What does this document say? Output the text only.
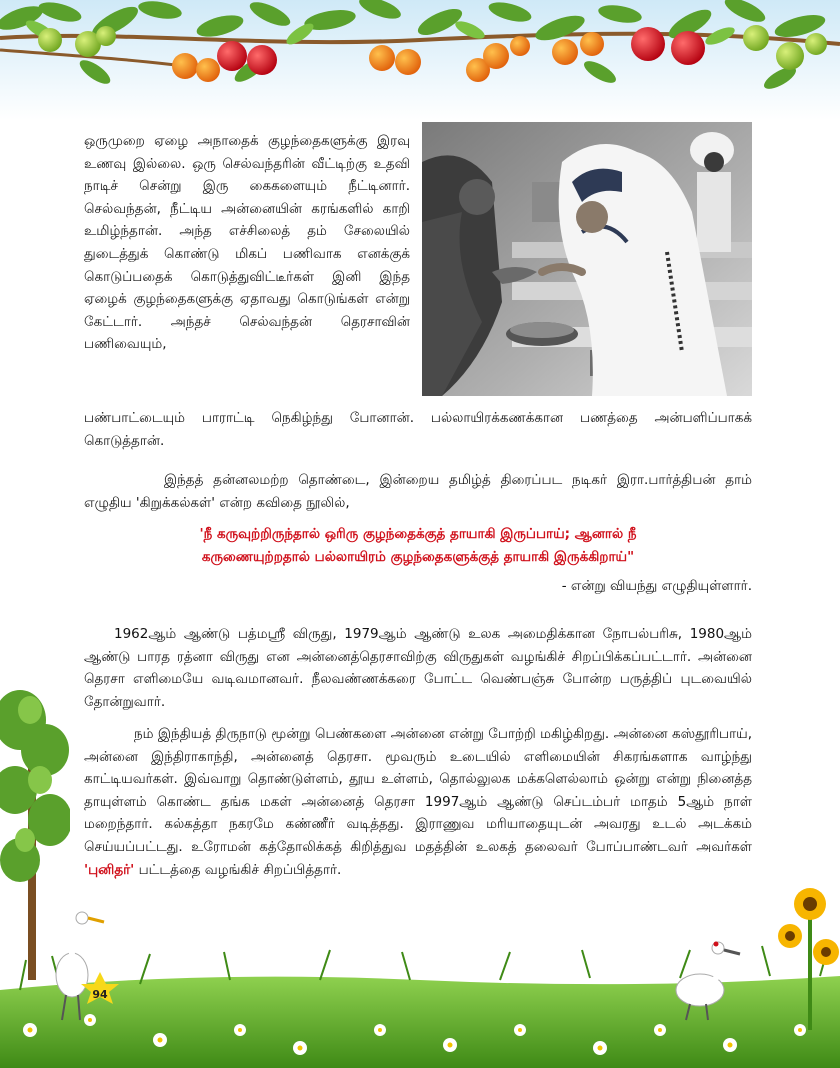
ஒருமுறை ஏழை அநாதைக் குழந்தைகளுக்கு இரவு உணவு இல்லை. ஒரு செல்வந்தரின் வீட்டிற்கு உதவி நாடிச் சென்று இரு கைகளையும் நீட்டினார். செல்வந்தன், நீட்டிய அன்னையின் கரங்களில் காறி உமிழ்ந்தான். அந்த எச்சிலைத் தம் சேலையில் துடைத்துக் கொண்டு மிகப் பணிவாக எனக்குக் கொடுப்பதைக் கொடுத்துவிட்டீர்கள் இனி இந்த ஏழைக் குழந்தைகளுக்கு ஏதாவது கொடுங்கள் என்று கேட்டார். அந்தச் செல்வந்தன் தெரசாவின் பணிவையும்,

பண்பாட்டையும் பாராட்டி நெகிழ்ந்து போனான். பல்லாயிரக்கணக்கான பணத்தை அன்பளிப்பாகக் கொடுத்தான்.

இந்தத் தன்னலமற்ற தொண்டை, இன்றைய தமிழ்த் திரைப்பட நடிகர் இரா.பார்த்திபன் தாம் எழுதிய 'கிறுக்கல்கள்' என்ற கவிதை நூலில்,

'நீ கருவுற்றிருந்தால் ஒரிரு குழந்தைக்குத் தாயாகி இருப்பாய்; ஆனால் நீ
கருணையுற்றதால் பல்லாயிரம் குழந்தைகளுக்குத் தாயாகி இருக்கிறாய்"

- என்று வியந்து எழுதியுள்ளார்.

1962ஆம் ஆண்டு பத்மஸ்ரீ விருது, 1979ஆம் ஆண்டு உலக அமைதிக்கான நோபல்பரிசு, 1980ஆம் ஆண்டு பாரத ரத்னா விருது என அன்னைத்தெரசாவிற்கு விருதுகள் வழங்கிச் சிறப்பிக்கப்பட்டார். அன்னை தெரசா எளிமையே வடிவமானவர். நீலவண்ணக்கரை போட்ட வெண்பஞ்சு போன்ற பருத்திப் புடவையில் தோன்றுவார்.

நம் இந்தியத் திருநாடு மூன்று பெண்களை அன்னை என்று போற்றி மகிழ்கிறது. அன்னை கஸ்தூரிபாய், அன்னை இந்திராகாந்தி, அன்னைத் தெரசா. மூவரும் உடையில் எளிமையின் சிகரங்களாக வாழ்ந்து காட்டியவர்கள். இவ்வாறு தொண்டுள்ளம், தூய உள்ளம், தொல்லுலக மக்களெல்லாம் ஒன்று என்று நினைத்த தாயுள்ளம் கொண்ட தங்க மகள் அன்னைத் தெரசா 1997ஆம் ஆண்டு செப்டம்பர் மாதம் 5ஆம் நாள் மறைந்தார். கல்கத்தா நகரமே கண்ணீர் வடித்தது. இராணுவ மரியாதையுடன் அவரது உடல் அடக்கம் செய்யப்பட்டது. உரோமன் கத்தோலிக்கத் கிறித்துவ மதத்தின் உலகத் தலைவர் போப்பாண்டவர் அவர்கள் 'புனிதர்' பட்டத்தை வழங்கிச் சிறப்பித்தார்.

94
